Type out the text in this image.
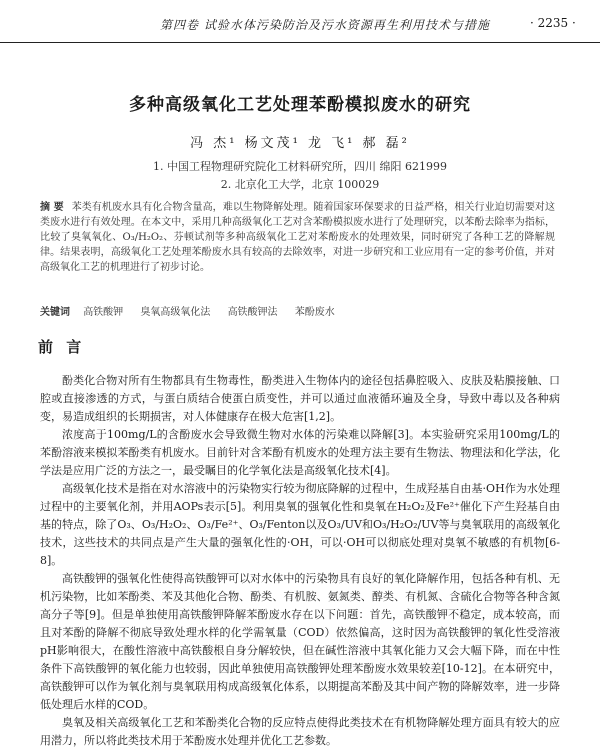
第四卷 试验水体污染防治及污水资源再生利用技术与措施	· 2235 ·
多种高级氧化工艺处理苯酚模拟废水的研究
冯 杰¹ 杨文茂¹ 龙 飞¹ 郝 磊²
1. 中国工程物理研究院化工材料研究所，四川 绵阳 621999
2. 北京化工大学，北京 100029
摘 要 苯类有机废水具有化合物含量高，难以生物降解处理。随着国家环保要求的日益严格，相关行业迫切需要对这类废水进行有效处理。在本文中，采用几种高级氧化工艺对含苯酚模拟废水进行了处理研究，以苯酚去除率为指标，比较了臭氧氧化、O₃/H₂O₂、芬顿试剂等多种高级氧化工艺对苯酚废水的处理效果，同时研究了各种工艺的降解规律。结果表明，高级氧化工艺处理苯酚废水具有较高的去除效率，对进一步研究和工业应用有一定的参考价值，并对高级氧化工艺的机理进行了初步讨论。
关键词 高铁酸钾 臭氧高级氧化法 高铁酸钾法 苯酚废水
前 言

酚类化合物对所有生物都具有生物毒性，酚类进入生物体内的途径包括鼻腔吸入、皮肤及粘膜接触、口腔或直接渗透的方式，与蛋白质结合使蛋白质变性，并可以通过血液循环遍及全身，导致中毒以及各种病变，易造成组织的长期损害，对人体健康存在极大危害[1,2]。

浓度高于100mg/L的含酚废水会导致微生物对水体的污染难以降解[3]。本实验研究采用100mg/L的苯酚溶液来模拟苯酚类有机废水。目前针对含苯酚有机废水的处理方法主要有生物法、物理法和化学法，化学法是应用广泛的方法之一，最受瞩目的化学氧化法是高级氧化技术[4]。

高级氧化技术是指在对水溶液中的污染物实行较为彻底降解的过程中，生成羟基自由基·OH作为水处理过程中的主要氧化剂，并用AOPs表示[5]。利用臭氧的强氧化性和臭氧在H₂O₂及Fe²⁺催化下产生羟基自由基的特点，除了O₃、O₃/H₂O₂、O₃/Fe²⁺、O₃/Fenton以及O₃/UV和O₃/H₂O₂/UV等与臭氧联用的高级氧化技术，这些技术的共同点是产生大量的强氧化性的·OH，可以·OH可以彻底处理对臭氧不敏感的有机物[6-8]。

高铁酸钾的强氧化性使得高铁酸钾可以对水体中的污染物具有良好的氧化降解作用，包括各种有机、无机污染物，比如苯酚类、苯及其他化合物、酚类、有机胺、氨氮类、醇类、有机氮、含硫化合物等各种含氮高分子等[9]。但是单独使用高铁酸钾降解苯酚废水存在以下问题：首先，高铁酸钾不稳定，成本较高，而且对苯酚的降解不彻底导致处理水样的化学需氧量（COD）依然偏高，这时因为高铁酸钾的氧化性受溶液pH影响很大，在酸性溶液中高铁酸根自身分解较快，但在碱性溶液中其氧化能力又会大幅下降，而在中性条件下高铁酸钾的氧化能力也较弱，因此单独使用高铁酸钾处理苯酚废水效果较差[10-12]。在本研究中，高铁酸钾可以作为氧化剂与臭氧联用构成高级氧化体系，以期提高苯酚及其中间产物的降解效率，进一步降低处理后水样的COD。

臭氧及相关高级氧化工艺和苯酚类化合物的反应特点使得此类技术在有机物降解处理方面具有较大的应用潜力，所以将此类技术用于苯酚废水处理并优化工艺参数。
